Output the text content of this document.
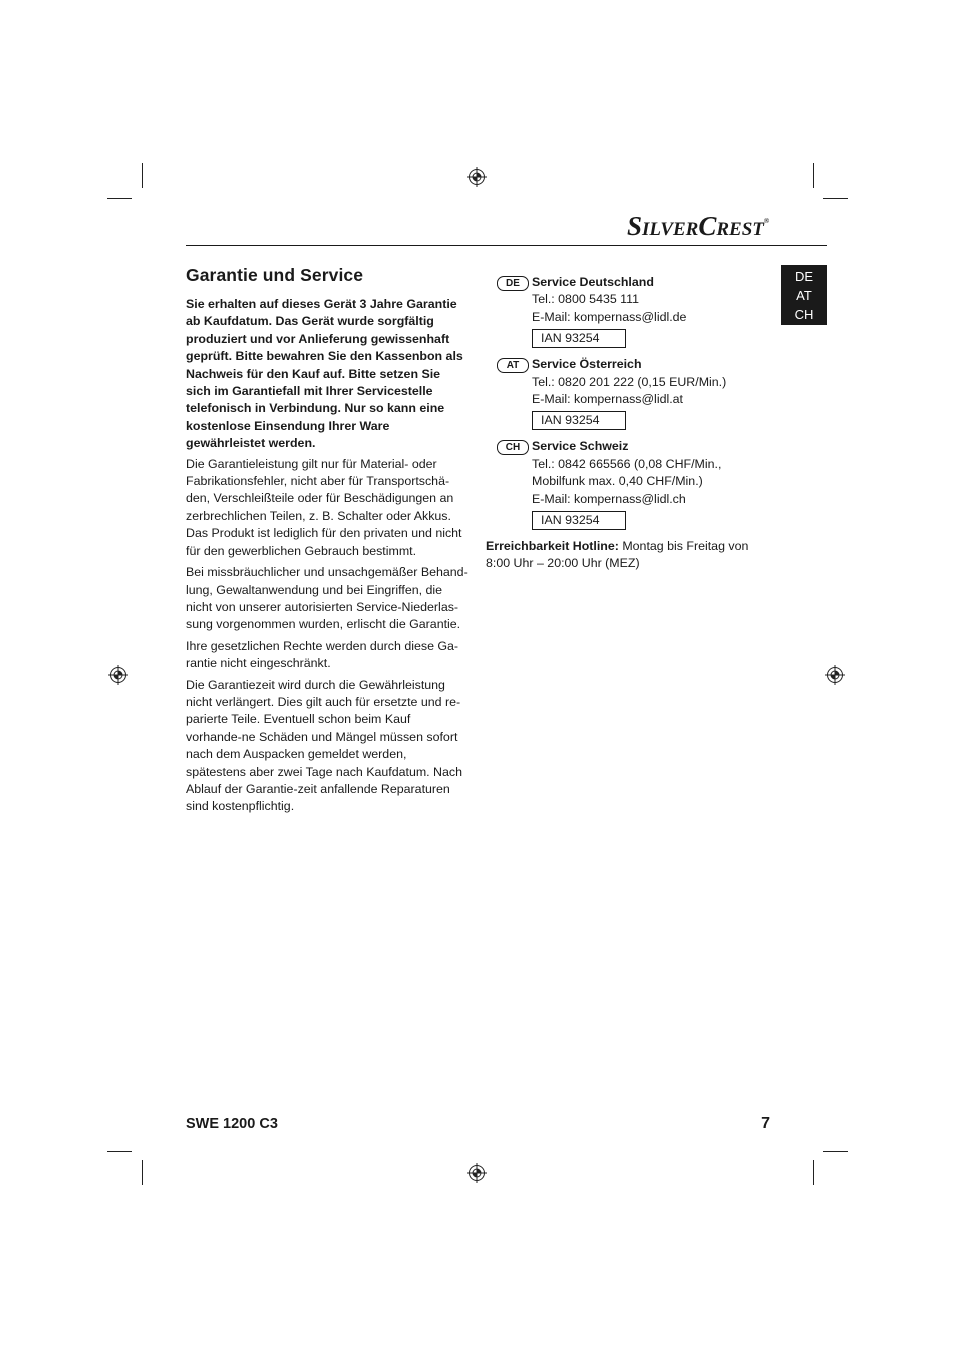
SILVERCREST®
DE
AT
CH
Garantie und Service

Sie erhalten auf dieses Gerät 3 Jahre Garantie ab Kaufdatum. Das Gerät wurde sorgfältig produziert und vor Anlieferung gewissenhaft geprüft. Bitte bewahren Sie den Kassenbon als Nachweis für den Kauf auf. Bitte setzen Sie sich im Garantiefall mit Ihrer Servicestelle telefonisch in Verbindung. Nur so kann eine kostenlose Einsendung Ihrer Ware gewährleistet werden.

Die Garantieleistung gilt nur für Material- oder Fabrikationsfehler, nicht aber für Transportschä-den, Verschleißteile oder für Beschädigungen an zerbrechlichen Teilen, z. B. Schalter oder Akkus. Das Produkt ist lediglich für den privaten und nicht für den gewerblichen Gebrauch bestimmt.

Bei missbräuchlicher und unsachgemäßer Behand-lung, Gewaltanwendung und bei Eingriffen, die nicht von unserer autorisierten Service-Niederlas-sung vorgenommen wurden, erlischt die Garantie.

Ihre gesetzlichen Rechte werden durch diese Ga-rantie nicht eingeschränkt.

Die Garantiezeit wird durch die Gewährleistung nicht verlängert. Dies gilt auch für ersetzte und re-parierte Teile. Eventuell schon beim Kauf vorhande-ne Schäden und Mängel müssen sofort nach dem Auspacken gemeldet werden, spätestens aber zwei Tage nach Kaufdatum. Nach Ablauf der Garantie-zeit anfallende Reparaturen sind kostenpflichtig.

DE Service Deutschland
Tel.: 0800 5435 111
E-Mail: kompernass@lidl.de
IAN 93254
AT	Service Österreich
Tel.: 0820 201 222 (0,15 EUR/Min.)
E-Mail: kompernass@lidl.at
IAN 93254
CH Service Schweiz
Tel.: 0842 665566 (0,08 CHF/Min.,
Mobilfunk max. 0,40 CHF/Min.)
E-Mail: kompernass@lidl.ch
IAN 93254
Erreichbarkeit Hotline: Montag bis Freitag von 8:00 Uhr – 20:00 Uhr (MEZ)
SWE 1200 C3	7
